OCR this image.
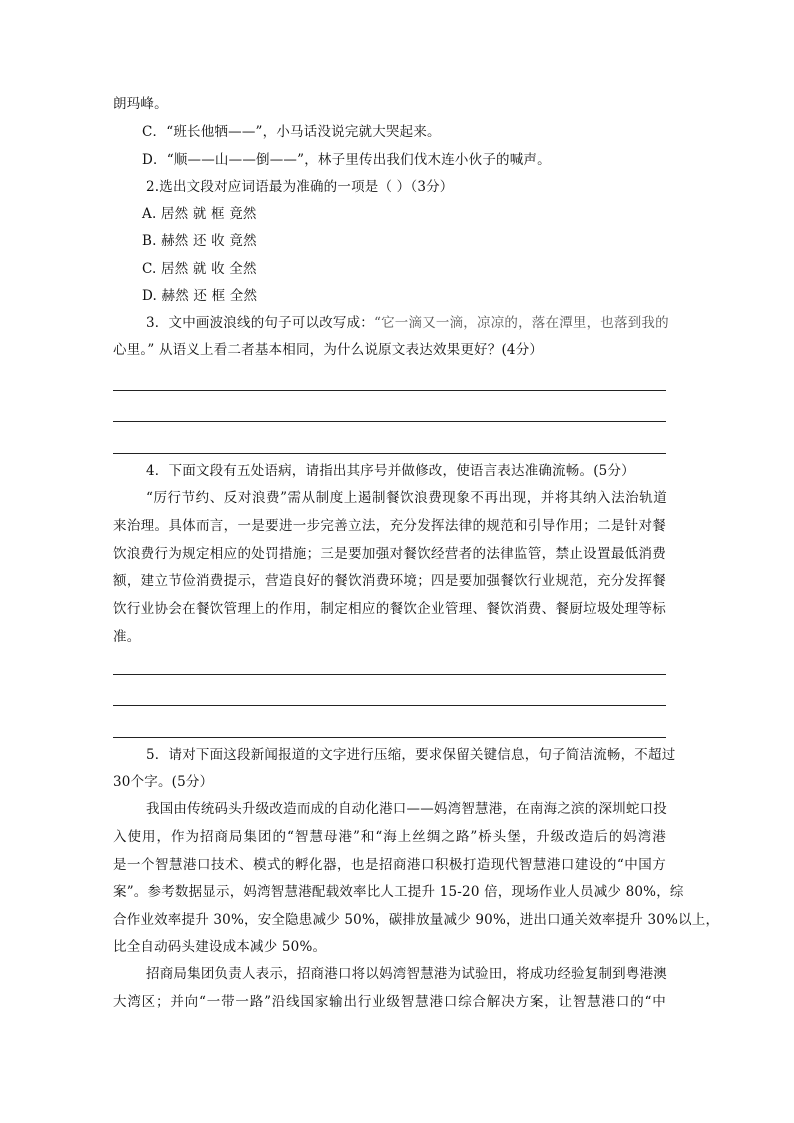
朗玛峰。
C．“班长他牺——”，小马话没说完就大哭起来。
D．“顺——山——倒——”，林子里传出我们伐木连小伙子的喊声。
2.选出文段对应词语最为准确的一项是（ ）（3分）
A. 居然 就 框 竟然
B. 赫然 还 收 竟然
C. 居然 就 收 全然
D. 赫然 还 框 全然
3．文中画波浪线的句子可以改写成：“它一滴又一滴，凉凉的，落在潭里，也落到我的
心里。” 从语义上看二者基本相同，为什么说原文表达效果更好？(4分）
4．下面文段有五处语病，请指出其序号并做修改，使语言表达准确流畅。(5分）
“厉行节约、反对浪费”需从制度上遏制餐饮浪费现象不再出现，并将其纳入法治轨道
来治理。具体而言，一是要进一步完善立法，充分发挥法律的规范和引导作用；二是针对餐
饮浪费行为规定相应的处罚措施；三是要加强对餐饮经营者的法律监管，禁止设置最低消费
额，建立节俭消费提示，营造良好的餐饮消费环境；四是要加强餐饮行业规范，充分发挥餐
饮行业协会在餐饮管理上的作用，制定相应的餐饮企业管理、餐饮消费、餐厨垃圾处理等标
准。
5．请对下面这段新闻报道的文字进行压缩，要求保留关键信息，句子简洁流畅，不超过
30个字。(5分）
我国由传统码头升级改造而成的自动化港口——妈湾智慧港，在南海之滨的深圳蛇口投
入使用，作为招商局集团的“智慧母港”和“海上丝绸之路”桥头堡，升级改造后的妈湾港
是一个智慧港口技术、模式的孵化器，也是招商港口积极打造现代智慧港口建设的“中国方
案”。参考数据显示，妈湾智慧港配载效率比人工提升 15-20 倍，现场作业人员减少 80%，综
合作业效率提升 30%，安全隐患减少 50%，碳排放量减少 90%，进出口通关效率提升 30%以上，
比全自动码头建设成本减少 50%。
招商局集团负责人表示，招商港口将以妈湾智慧港为试验田，将成功经验复制到粤港澳
大湾区；并向“一带一路”沿线国家输出行业级智慧港口综合解决方案，让智慧港口的“中
